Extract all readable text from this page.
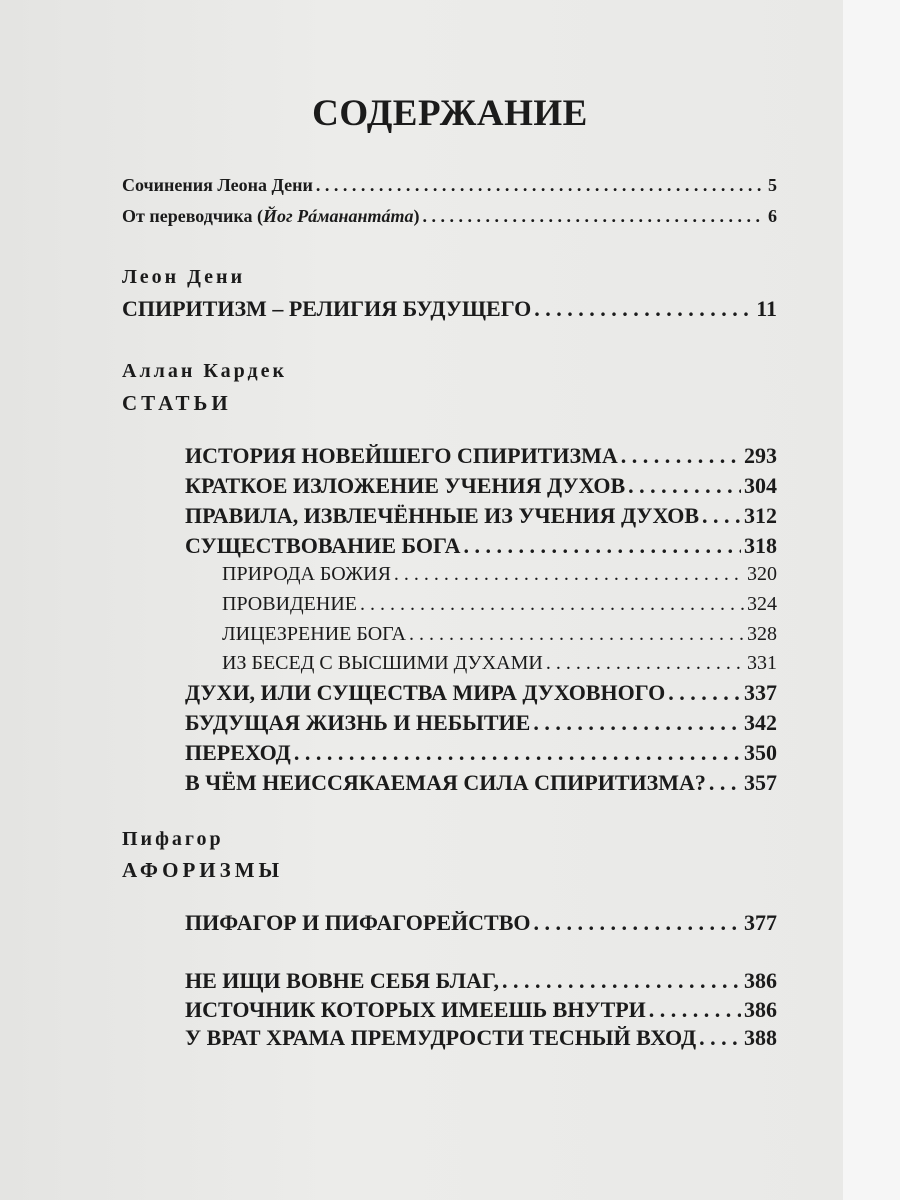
СОДЕРЖАНИЕ
Сочинения Леона Дени . . .	5
От переводчика (Йог Рáманантáта) . . .	6
Леон Дени
СПИРИТИЗМ – РЕЛИГИЯ БУДУЩЕГО . . .	11
Аллан Кардек
СТАТЬИ
ИСТОРИЯ НОВЕЙШЕГО СПИРИТИЗМА . . .	293
КРАТКОЕ ИЗЛОЖЕНИЕ УЧЕНИЯ ДУХОВ . . .	304
ПРАВИЛА, ИЗВЛЕЧЁННЫЕ ИЗ УЧЕНИЯ ДУХОВ . . . 312
СУЩЕСТВОВАНИЕ БОГА . . .	318
ПРИРОДА БОЖИЯ . . .	320
ПРОВИДЕНИЕ . . .	324
ЛИЦЕЗРЕНИЕ БОГА . . .	328
ИЗ БЕСЕД С ВЫСШИМИ ДУХАМИ . . .	331
ДУХИ, ИЛИ СУЩЕСТВА МИРА ДУХОВНОГО . . .	337
БУДУЩАЯ ЖИЗНЬ И НЕБЫТИЕ . . .	342
ПЕРЕХОД . . .	350
В ЧЁМ НЕИССЯКАЕМАЯ СИЛА СПИРИТИЗМА? . . . 357
Пифагор
АФОРИЗМЫ
ПИФАГОР И ПИФАГОРЕЙСТВО . . .	377
НЕ ИЩИ ВОВНЕ СЕБЯ БЛАГ, . . .	386
ИСТОЧНИК КОТОРЫХ ИМЕЕШЬ ВНУТРИ . . .	386
У ВРАТ ХРАМА ПРЕМУДРОСТИ ТЕСНЫЙ ВХОД . . . 388
